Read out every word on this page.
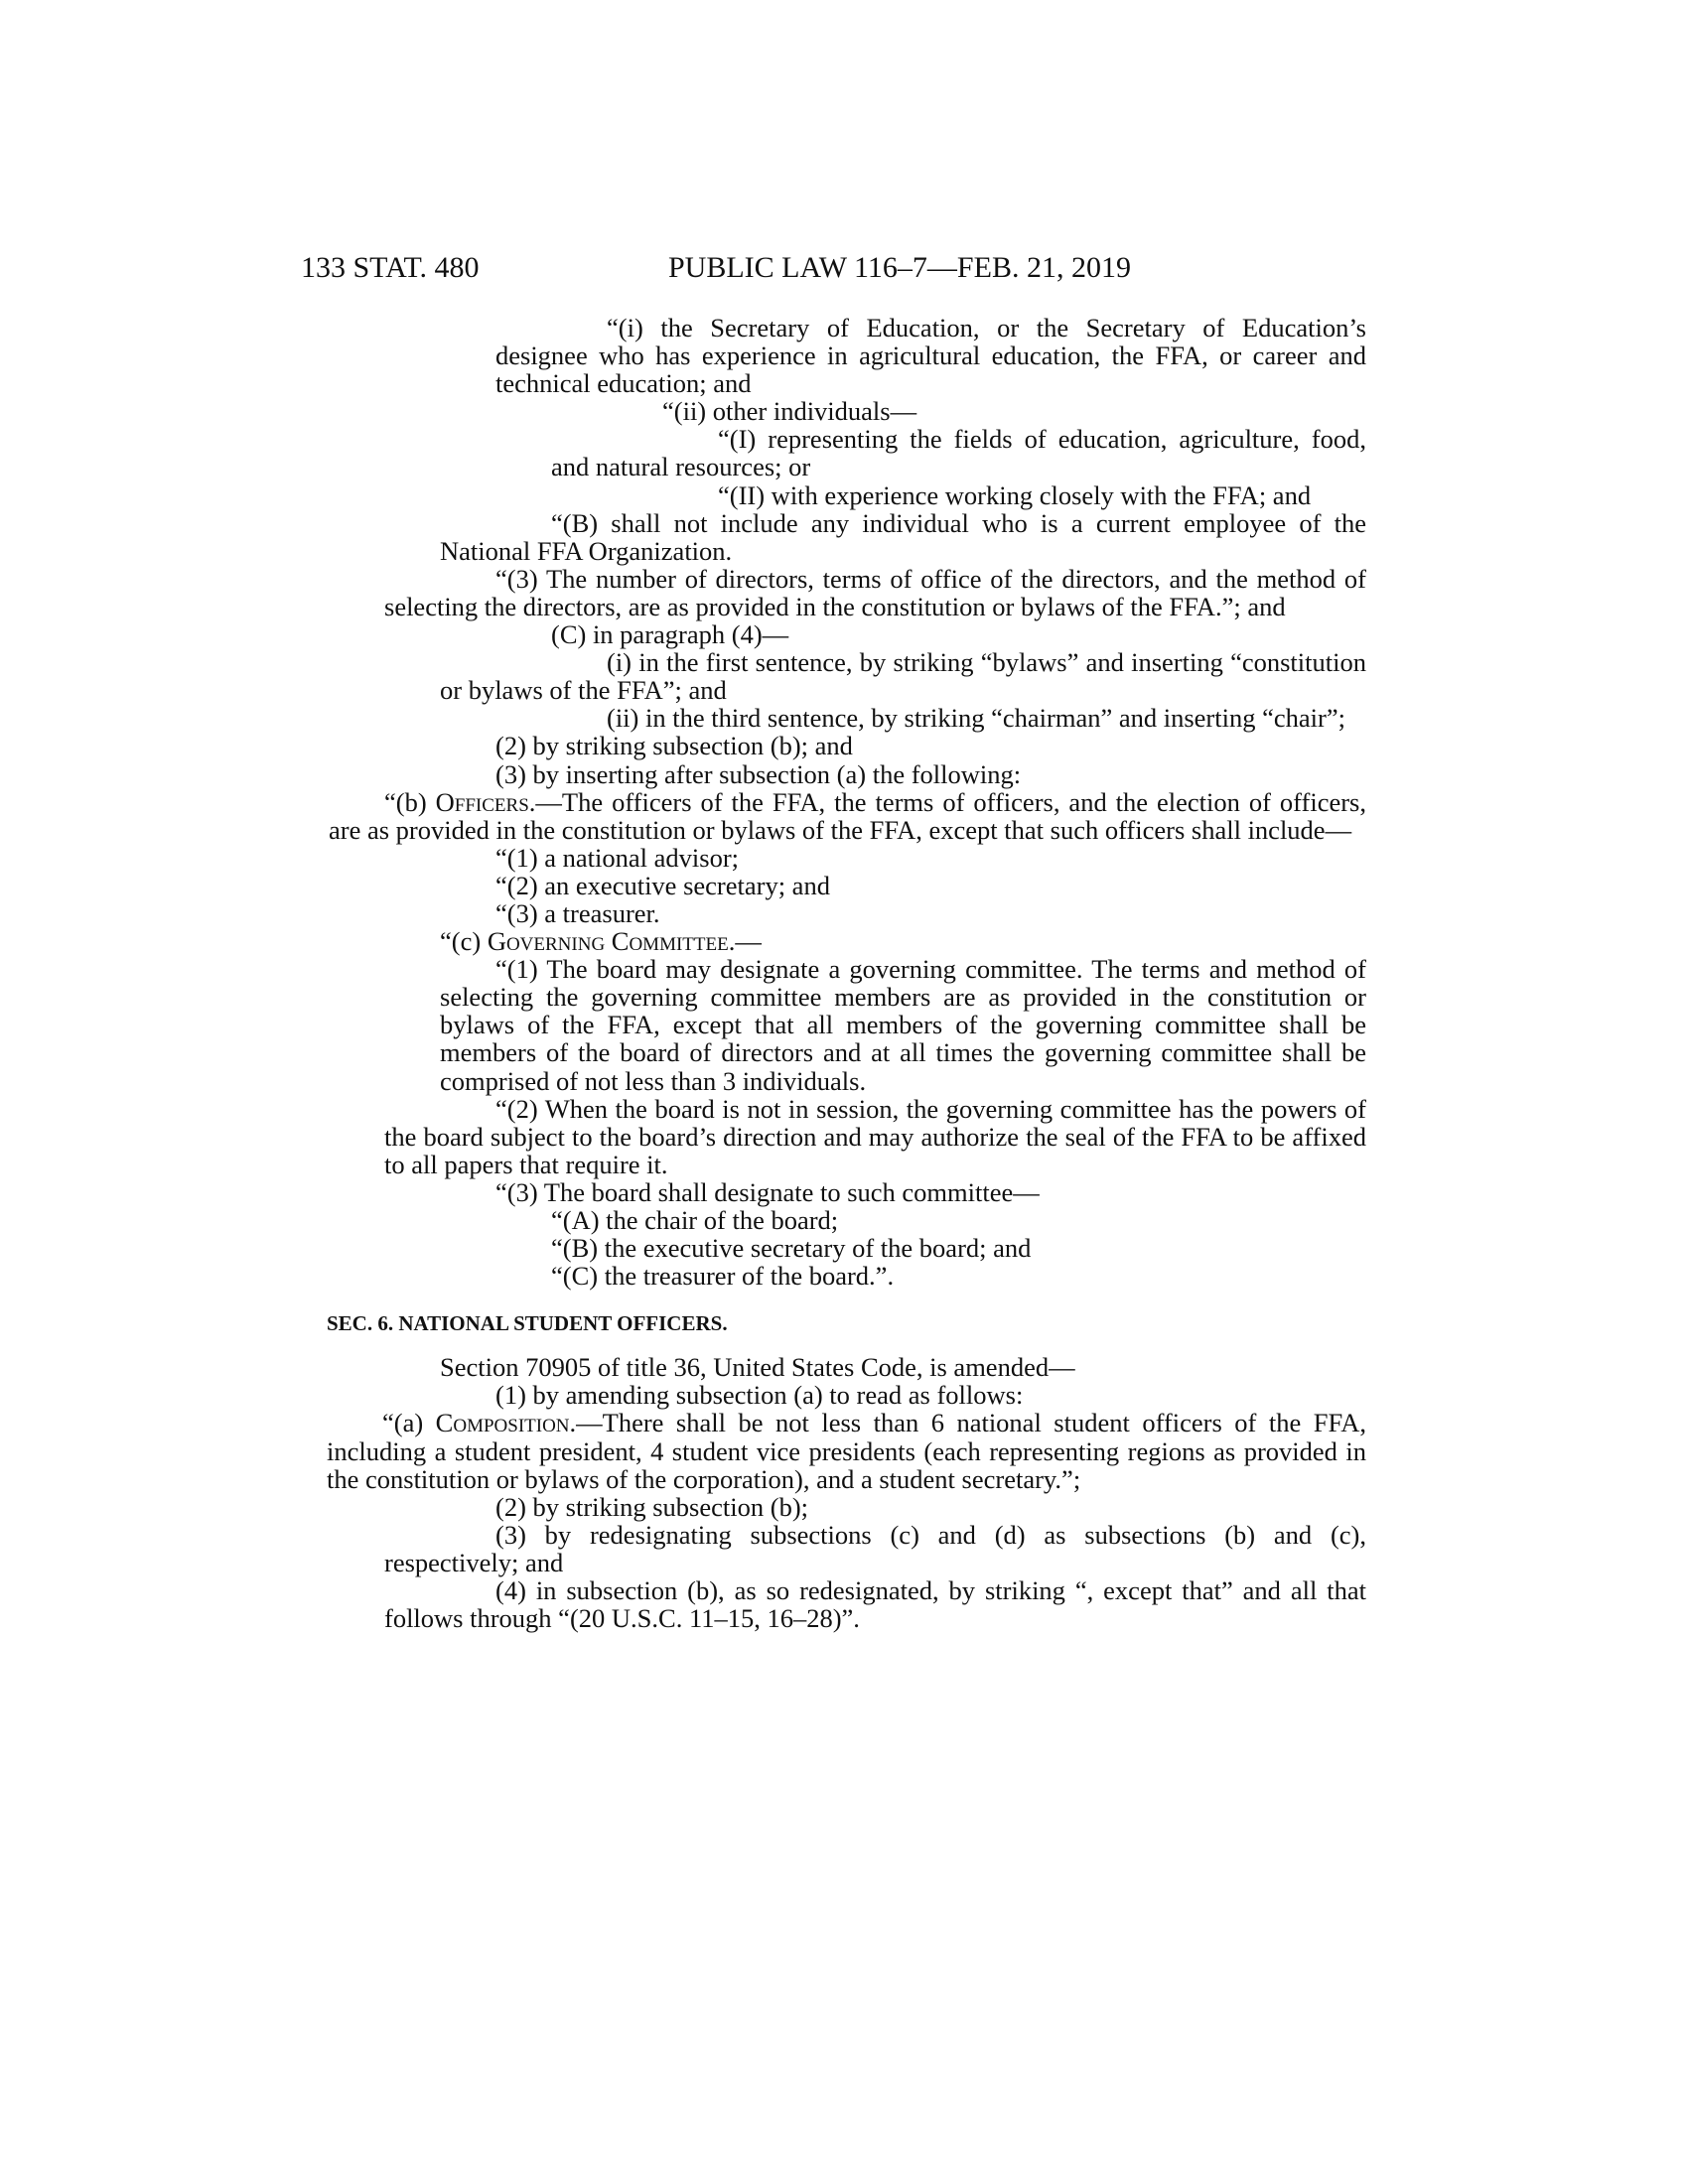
133 STAT. 480	PUBLIC LAW 116–7—FEB. 21, 2019

“(i) the Secretary of Education, or the Secretary of Education’s designee who has experience in agricultural education, the FFA, or career and technical education; and

“(ii) other individuals—

“(I) representing the fields of education, agriculture, food, and natural resources; or

“(II) with experience working closely with the FFA; and

“(B) shall not include any individual who is a current employee of the National FFA Organization.

“(3) The number of directors, terms of office of the directors, and the method of selecting the directors, are as provided in the constitution or bylaws of the FFA.”; and

(C) in paragraph (4)—

(i) in the first sentence, by striking “bylaws” and inserting “constitution or bylaws of the FFA”; and

(ii) in the third sentence, by striking “chairman” and inserting “chair”;

(2) by striking subsection (b); and

(3) by inserting after subsection (a) the following:

“(b) Officers.—The officers of the FFA, the terms of officers, and the election of officers, are as provided in the constitution or bylaws of the FFA, except that such officers shall include—

“(1) a national advisor;

“(2) an executive secretary; and

“(3) a treasurer.

“(c) Governing Committee.—

“(1) The board may designate a governing committee. The terms and method of selecting the governing committee members are as provided in the constitution or bylaws of the FFA, except that all members of the governing committee shall be members of the board of directors and at all times the governing committee shall be comprised of not less than 3 individuals.

“(2) When the board is not in session, the governing committee has the powers of the board subject to the board’s direction and may authorize the seal of the FFA to be affixed to all papers that require it.

“(3) The board shall designate to such committee—

“(A) the chair of the board;

“(B) the executive secretary of the board; and

“(C) the treasurer of the board.”.

SEC. 6. NATIONAL STUDENT OFFICERS.

Section 70905 of title 36, United States Code, is amended—

(1) by amending subsection (a) to read as follows:

“(a) Composition.—There shall be not less than 6 national student officers of the FFA, including a student president, 4 student vice presidents (each representing regions as provided in the constitution or bylaws of the corporation), and a student secretary.”;

(2) by striking subsection (b);

(3) by redesignating subsections (c) and (d) as subsections (b) and (c), respectively; and

(4) in subsection (b), as so redesignated, by striking “, except that” and all that follows through “(20 U.S.C. 11–15, 16–28)”.
